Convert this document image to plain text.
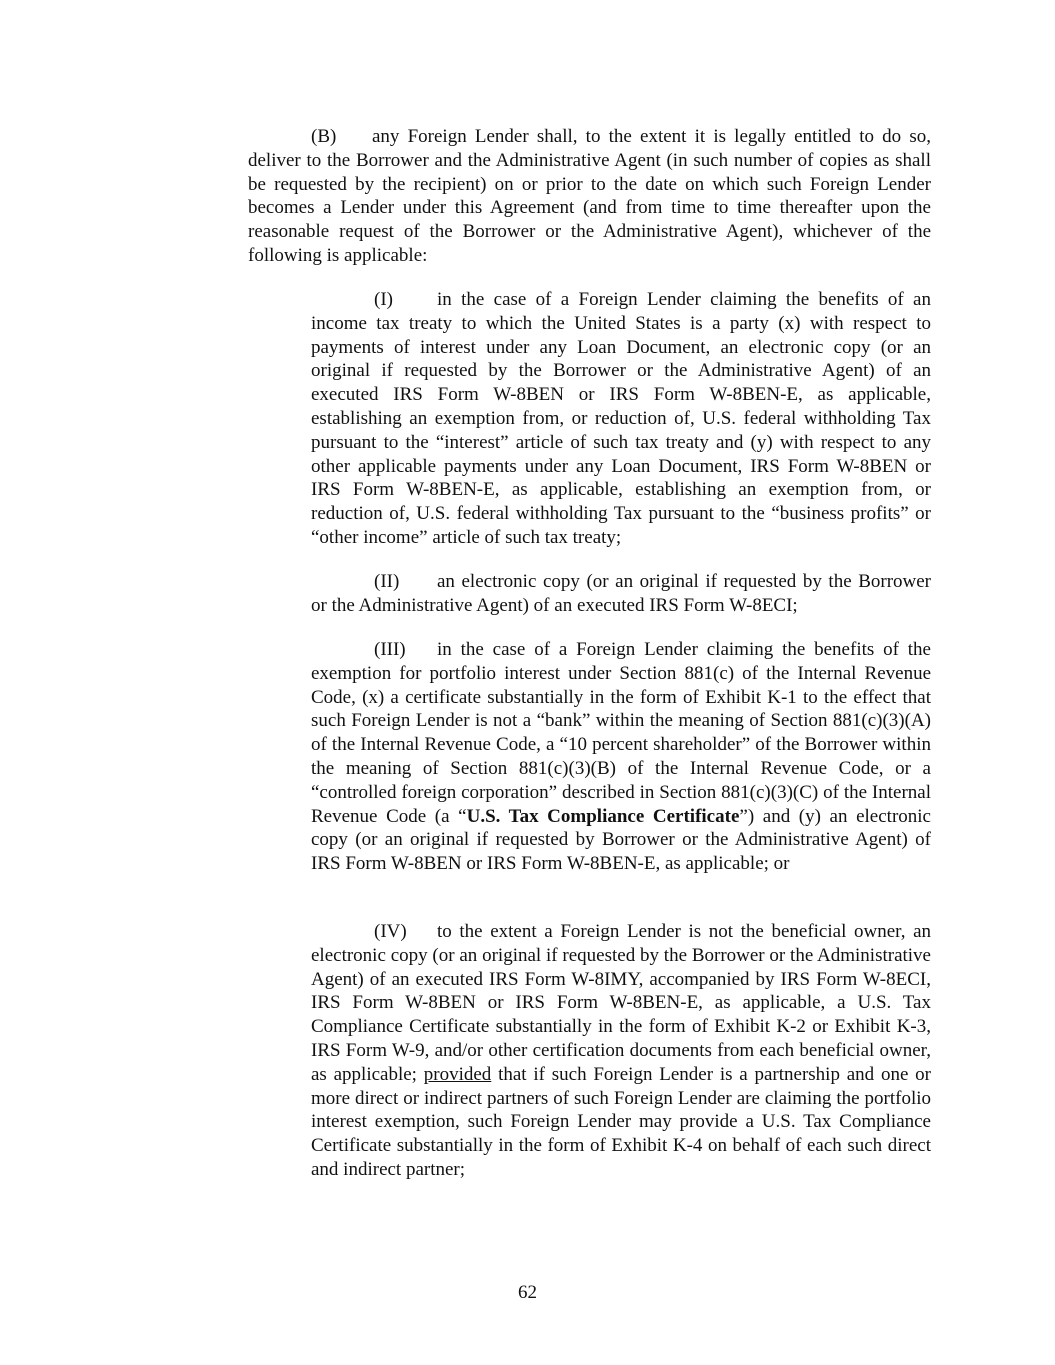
(B) any Foreign Lender shall, to the extent it is legally entitled to do so, deliver to the Borrower and the Administrative Agent (in such number of copies as shall be requested by the recipient) on or prior to the date on which such Foreign Lender becomes a Lender under this Agreement (and from time to time thereafter upon the reasonable request of the Borrower or the Administrative Agent), whichever of the following is applicable:

(I) in the case of a Foreign Lender claiming the benefits of an income tax treaty to which the United States is a party (x) with respect to payments of interest under any Loan Document, an electronic copy (or an original if requested by the Borrower or the Administrative Agent) of an executed IRS Form W-8BEN or IRS Form W-8BEN-E, as applicable, establishing an exemption from, or reduction of, U.S. federal withholding Tax pursuant to the “interest” article of such tax treaty and (y) with respect to any other applicable payments under any Loan Document, IRS Form W-8BEN or IRS Form W-8BEN-E, as applicable, establishing an exemption from, or reduction of, U.S. federal withholding Tax pursuant to the “business profits” or “other income” article of such tax treaty;

(II) an electronic copy (or an original if requested by the Borrower or the Administrative Agent) of an executed IRS Form W-8ECI;

(III) in the case of a Foreign Lender claiming the benefits of the exemption for portfolio interest under Section 881(c) of the Internal Revenue Code, (x) a certificate substantially in the form of Exhibit K-1 to the effect that such Foreign Lender is not a “bank” within the meaning of Section 881(c)(3)(A) of the Internal Revenue Code, a “10 percent shareholder” of the Borrower within the meaning of Section 881(c)(3)(B) of the Internal Revenue Code, or a “controlled foreign corporation” described in Section 881(c)(3)(C) of the Internal Revenue Code (a “U.S. Tax Compliance Certificate”) and (y) an electronic copy (or an original if requested by Borrower or the Administrative Agent) of IRS Form W-8BEN or IRS Form W-8BEN-E, as applicable; or

(IV) to the extent a Foreign Lender is not the beneficial owner, an electronic copy (or an original if requested by the Borrower or the Administrative Agent) of an executed IRS Form W-8IMY, accompanied by IRS Form W-8ECI, IRS Form W-8BEN or IRS Form W-8BEN-E, as applicable, a U.S. Tax Compliance Certificate substantially in the form of Exhibit K-2 or Exhibit K-3, IRS Form W-9, and/or other certification documents from each beneficial owner, as applicable; provided that if such Foreign Lender is a partnership and one or more direct or indirect partners of such Foreign Lender are claiming the portfolio interest exemption, such Foreign Lender may provide a U.S. Tax Compliance Certificate substantially in the form of Exhibit K-4 on behalf of each such direct and indirect partner;

62
